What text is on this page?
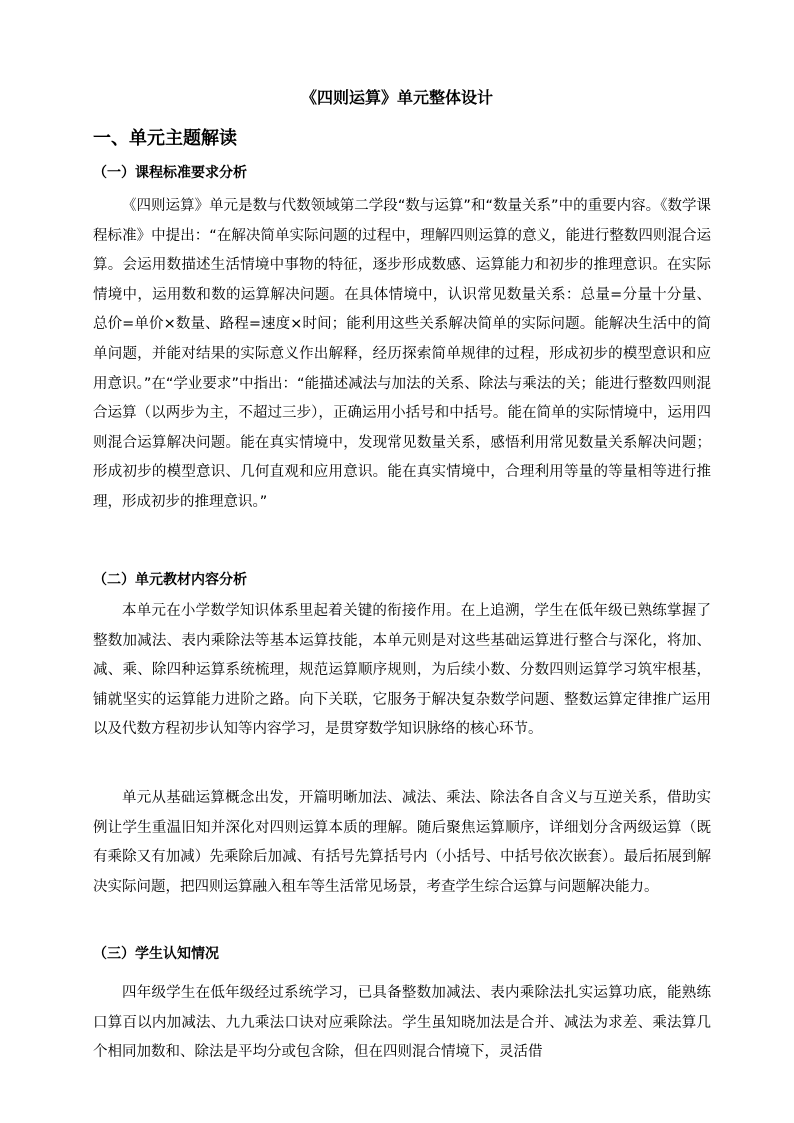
《四则运算》单元整体设计
一、单元主题解读
（一）课程标准要求分析
《四则运算》单元是数与代数领域第二学段“数与运算”和“数量关系”中的重要内容。《数学课程标准》中提出：“在解决简单实际问题的过程中，理解四则运算的意义，能进行整数四则混合运算。会运用数描述生活情境中事物的特征，逐步形成数感、运算能力和初步的推理意识。在实际情境中，运用数和数的运算解决问题。在具体情境中，认识常见数量关系：总量=分量十分量、总价=单价×数量、路程=速度×时间；能利用这些关系解决简单的实际问题。能解决生活中的简单问题，并能对结果的实际意义作出解释，经历探索简单规律的过程，形成初步的模型意识和应用意识。”在“学业要求”中指出：“能描述减法与加法的关系、除法与乘法的关；能进行整数四则混合运算（以两步为主，不超过三步），正确运用小括号和中括号。能在简单的实际情境中，运用四则混合运算解决问题。能在真实情境中，发现常见数量关系，感悟利用常见数量关系解决问题；形成初步的模型意识、几何直观和应用意识。能在真实情境中，合理利用等量的等量相等进行推理，形成初步的推理意识。”
（二）单元教材内容分析
本单元在小学数学知识体系里起着关键的衔接作用。在上追溯，学生在低年级已熟练掌握了整数加减法、表内乘除法等基本运算技能，本单元则是对这些基础运算进行整合与深化，将加、减、乘、除四种运算系统梳理，规范运算顺序规则，为后续小数、分数四则运算学习筑牢根基，铺就坚实的运算能力进阶之路。向下关联，它服务于解决复杂数学问题、整数运算定律推广运用以及代数方程初步认知等内容学习，是贯穿数学知识脉络的核心环节。
单元从基础运算概念出发，开篇明晰加法、减法、乘法、除法各自含义与互逆关系，借助实例让学生重温旧知并深化对四则运算本质的理解。随后聚焦运算顺序，详细划分含两级运算（既有乘除又有加减）先乘除后加减、有括号先算括号内（小括号、中括号依次嵌套）。最后拓展到解决实际问题，把四则运算融入租车等生活常见场景，考查学生综合运算与问题解决能力。
（三）学生认知情况
四年级学生在低年级经过系统学习，已具备整数加减法、表内乘除法扎实运算功底，能熟练口算百以内加减法、九九乘法口诀对应乘除法。学生虽知晓加法是合并、减法为求差、乘法算几个相同加数和、除法是平均分或包含除，但在四则混合情境下，灵活借
